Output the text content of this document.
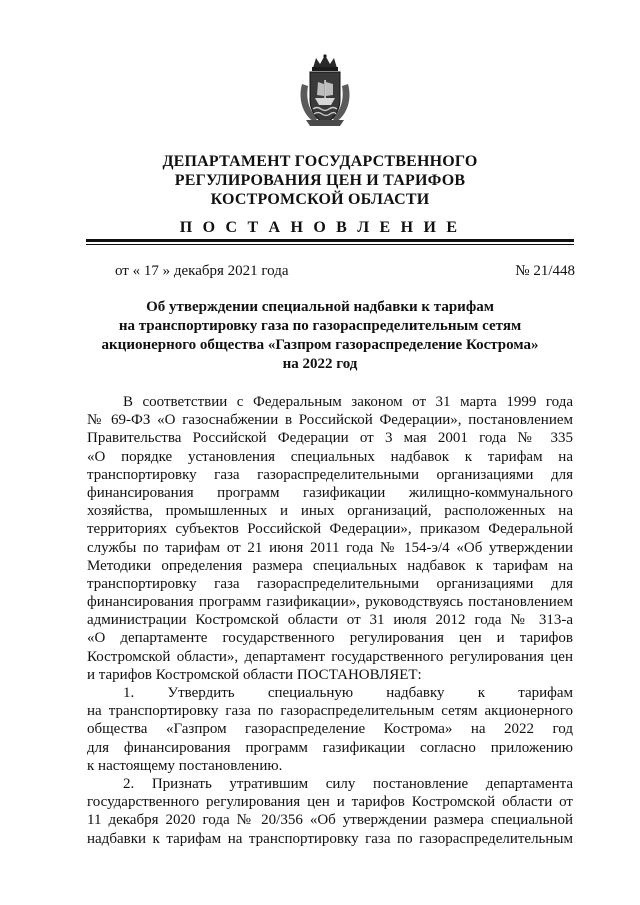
ДЕПАРТАМЕНТ ГОСУДАРСТВЕННОГО
РЕГУЛИРОВАНИЯ ЦЕН И ТАРИФОВ
КОСТРОМСКОЙ ОБЛАСТИ
П О С Т А Н О В Л Е Н И Е
от « 17 » декабря 2021 года	№ 21/448
Об утверждении специальной надбавки к тарифам
на транспортировку газа по газораспределительным сетям
акционерного общества «Газпром газораспределение Кострома»
на 2022 год
В соответствии с Федеральным законом от 31 марта 1999 года
№ 69-ФЗ «О газоснабжении в Российской Федерации», постановлением
Правительства Российской Федерации от 3 мая 2001 года № 335
«О порядке установления специальных надбавок к тарифам на
транспортировку газа газораспределительными организациями для
финансирования программ газификации жилищно-коммунального
хозяйства, промышленных и иных организаций, расположенных на
территориях субъектов Российской Федерации», приказом Федеральной
службы по тарифам от 21 июня 2011 года № 154-э/4 «Об утверждении
Методики определения размера специальных надбавок к тарифам на
транспортировку газа газораспределительными организациями для
финансирования программ газификации», руководствуясь постановлением
администрации Костромской области от 31 июля 2012 года № 313-а
«О департаменте государственного регулирования цен и тарифов
Костромской области», департамент государственного регулирования цен
и тарифов Костромской области ПОСТАНОВЛЯЕТ:
1. Утвердить специальную надбавку к тарифам
на транспортировку газа по газораспределительным сетям акционерного
общества «Газпром газораспределение Кострома» на 2022 год
для финансирования программ газификации согласно приложению
к настоящему постановлению.
2. Признать утратившим силу постановление департамента
государственного регулирования цен и тарифов Костромской области от
11 декабря 2020 года № 20/356 «Об утверждении размера специальной
надбавки к тарифам на транспортировку газа по газораспределительным
